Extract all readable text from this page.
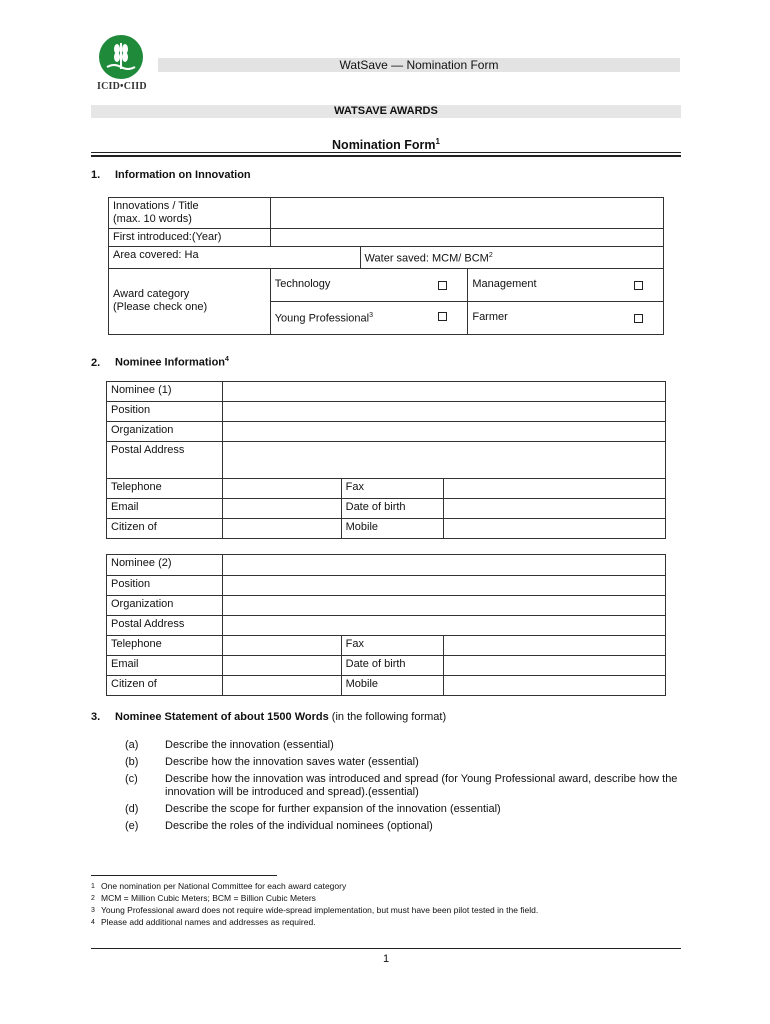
ICID•CIID
WatSave — Nomination Form
WATSAVE AWARDS
Nomination Form$^1$
1. Information on Innovation
Innovations / Title
(max. 10 words)			

First introduced:(Year)			
Area covered: Ha		Water saved: MCM/ BCM$^2$

Award category
(Please check one)	Technology		Management

	Young Professional$^3$		Farmer
2. Nominee Information$^4$
Nominee (1)			
Position			
Organization			
Postal Address			
Telephone		Fax	
Email		Date of birth	
Citizen of		Mobile	
Nominee (2)			
Position			
Organization			
Postal Address			
Telephone		Fax	
Email		Date of birth	
Citizen of		Mobile	
3. Nominee Statement of about 1500 Words (in the following format)
(a)	Describe the innovation (essential)
(b)	Describe how the innovation saves water (essential)
(c)	Describe how the innovation was introduced and spread (for Young Professional award, describe how the innovation will be introduced and spread).(essential)
(d)	Describe the scope for further expansion of the innovation (essential)
(e)	Describe the roles of the individual nominees (optional)
$^1$ One nomination per National Committee for each award category
$^2$ MCM = Million Cubic Meters; BCM = Billion Cubic Meters
$^3$ Young Professional award does not require wide-spread implementation, but must have been pilot tested in the field.
$^4$ Please add additional names and addresses as required.
1
